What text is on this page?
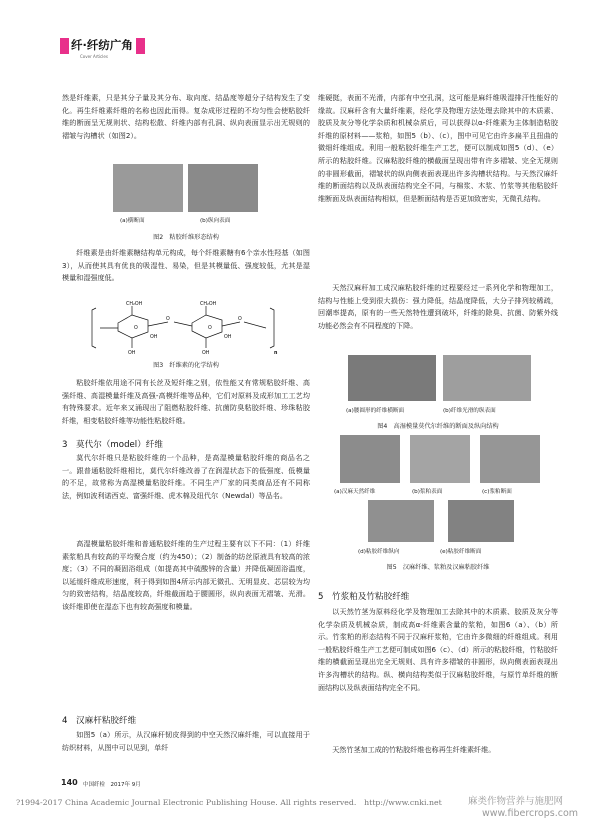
纤·纤纺广角
Cover Articles

然是纤维素，只是其分子量及其分布、取向度、结晶度等超分子结构发生了变化。再生纤维素纤维的名称也因此而得。复杂成形过程的不均匀性会使粘胶纤维的断面呈无规则状、结构松散、纤维内部有孔洞、纵向表面显示出无规则的褶皱与沟槽状（如图2）。

(a)横断面	(b)纵向表面
图2　粘胶纤维形态结构

纤维素是由纤维素糖结构单元构成，每个纤维素糖有6个亲水性羟基（如图3），从而使其具有优良的吸湿性、易染，但是其模量低、强度较低，尤其是湿模量和湿强度低。

O	O
CH₂OH	CH₂OH
OH	OH
OH	OH
O	O
n
图3　纤维素的化学结构

粘胶纤维依用途不同有长丝及短纤维之别，依性能又有常规粘胶纤维、高强纤维、高湿模量纤维及高强-高模纤维等品种，它们对原料及成形加工工艺均有特殊要求。近年来又涌现出了阻燃粘胶纤维、抗菌防臭粘胶纤维、珍珠粘胶纤维，相变粘胶纤维等功能性粘胶纤维。

3　莫代尔（model）纤维

莫代尔纤维只是粘胶纤维的一个品种，是高湿模量粘胶纤维的商品名之一。跟普通粘胶纤维相比，莫代尔纤维改善了在润湿状态下的低强度、低模量的不足，故常称为高湿模量粘胶纤维。不同生产厂家的同类商品还有不同称法，例如波利诺西克、富强纤维、虎木棉及纽代尔（Newdal）等品名。

高湿模量粘胶纤维和普通粘胶纤维的生产过程主要有以下不同：（1）纤维素浆粕具有较高的平均聚合度（约为450）；（2）制备的纺丝原液具有较高的浓度；（3）不同的凝固浴组成（如提高其中硫酸锌的含量）并降低凝固浴温度，以延缓纤维成形速度，利于得到如图4所示内部无微孔、无明显皮、芯层较为均匀的致密结构，结晶度较高，纤维截面趋于腰圆形，纵向表面无褶皱、光滑。该纤维即使在湿态下也有较高强度和模量。

4　汉麻杆粘胶纤维

如图5（a）所示，从汉麻秆韧皮得到的中空天然汉麻纤维，可以直接用于纺织材料，从图中可以见到，单纤

维硬挺，表面不光滑，内部有中空孔洞，这可能是麻纤维吸湿排汗性能好的缘故。汉麻秆含有大量纤维素，经化学及物理方法处理去除其中的木质素、胶质及灰分等化学杂质和机械杂质后，可以获得以α-纤维素为主体制造粘胶纤维的原材料——浆粕，如图5（b）、（c），图中可见它由许多扁平且扭曲的微细纤维组成。利用一般粘胶纤维生产工艺，便可以制成如图5（d）、（e）所示的粘胶纤维。汉麻粘胶纤维的横截面呈现出带有许多褶皱、完全无规则的非圆形截面，褶皱状的纵向侧表面表现出许多沟槽状结构。与天然汉麻纤维的断面结构以及纵表面结构完全不同，与棉浆、木浆、竹浆等其他粘胶纤维断面及纵表面结构相似，但是断面结构是否更加致密实，无微孔结构。

天然汉麻秆加工成汉麻粘胶纤维的过程要经过一系列化学和物理加工，结构与性能上受到很大损伤：强力降低，结晶度降低，大分子排列较稀疏，回潮率提高，原有的一些天然特性遭到破坏，纤维的除臭、抗菌、防紫外线功能必然会有不同程度的下降。

(a)腰圆形的纤维横断面	(b)纤维光滑的纵表面
图4　高湿模量莫代尔纤维的断面及纵向结构
(a)汉麻天然纤维	(b)浆粕表面	(c)浆粕断面
(d)粘胶纤维纵向	(e)粘胶纤维断面
图5　汉麻纤维、浆粕及汉麻粘胶纤维
5　竹浆粕及竹粘胶纤维

以天然竹茎为原料经化学及物理加工去除其中的木质素、胶质及灰分等化学杂质及机械杂质，制成高α-纤维素含量的浆粕，如图6（a）、（b）所示。竹浆粕的形态结构不同于汉麻秆浆粕，它由许多微细的纤维组成。利用一般粘胶纤维生产工艺便可制成如图6（c）、（d）所示的粘胶纤维，竹粘胶纤维的横截面呈现出完全无规则、具有许多褶皱的非圆形，纵向侧表面表现出许多沟槽状的结构。纵、横向结构类似于汉麻粘胶纤维，与原竹单纤维的断面结构以及纵表面结构完全不同。

天然竹茎加工成的竹粘胶纤维也称再生纤维素纤维。

140 中国纤检　2017年 9月
?1994-2017 China Academic Journal Electronic Publishing House. All rights reserved.　http://www.cnki.net	麻类作物营养与施肥网
www.fibercrops.com
